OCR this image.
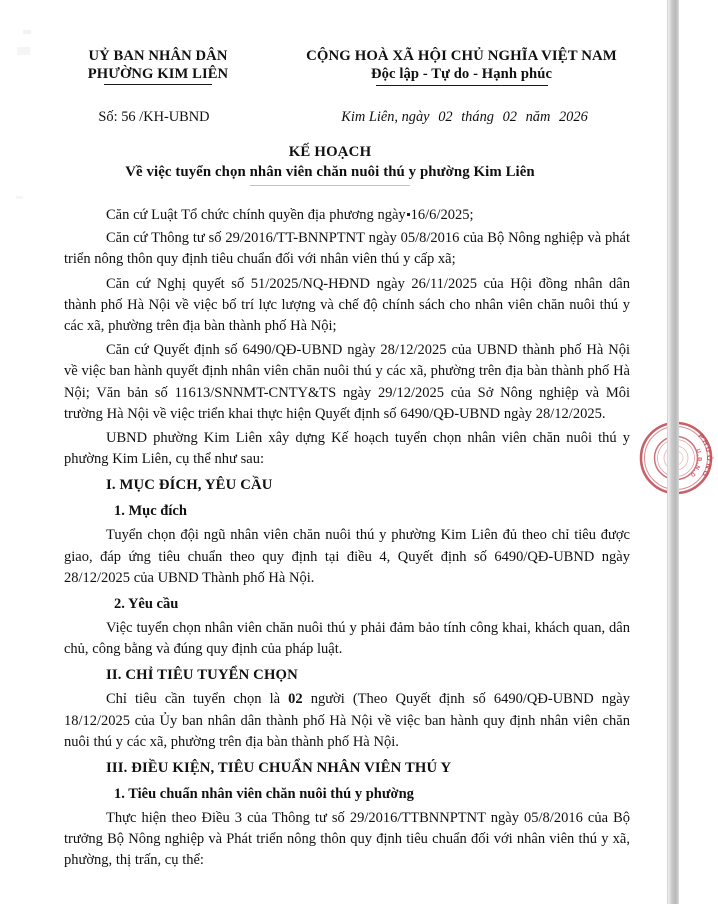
UỶ BAN NHÂN DÂN
PHƯỜNG KIM LIÊN
CỘNG HOÀ XÃ HỘI CHỦ NGHĨA VIỆT NAM
Độc lập - Tự do - Hạnh phúc
Số: 56 /KH-UBND	Kim Liên, ngày 02 tháng 02 năm 2026
KẾ HOẠCH
Về việc tuyển chọn nhân viên chăn nuôi thú y phường Kim Liên

Căn cứ Luật Tổ chức chính quyền địa phương ngày 16/6/2025;

Căn cứ Thông tư số 29/2016/TT-BNNPTNT ngày 05/8/2016 của Bộ Nông nghiệp và phát triển nông thôn quy định tiêu chuẩn đối với nhân viên thú y cấp xã;

Căn cứ Nghị quyết số 51/2025/NQ-HĐND ngày 26/11/2025 của Hội đồng nhân dân thành phố Hà Nội về việc bố trí lực lượng và chế độ chính sách cho nhân viên chăn nuôi thú y các xã, phường trên địa bàn thành phố Hà Nội;

Căn cứ Quyết định số 6490/QĐ-UBND ngày 28/12/2025 của UBND thành phố Hà Nội về việc ban hành quyết định nhân viên chăn nuôi thú y các xã, phường trên địa bàn thành phố Hà Nội; Văn bản số 11613/SNNMT-CNTY&TS ngày 29/12/2025 của Sở Nông nghiệp và Môi trường Hà Nội về việc triển khai thực hiện Quyết định số 6490/QĐ-UBND ngày 28/12/2025.

UBND phường Kim Liên xây dựng Kế hoạch tuyển chọn nhân viên chăn nuôi thú y phường Kim Liên, cụ thể như sau:

I. MỤC ĐÍCH, YÊU CẦU

1. Mục đích

Tuyển chọn đội ngũ nhân viên chăn nuôi thú y phường Kim Liên đủ theo chỉ tiêu được giao, đáp ứng tiêu chuẩn theo quy định tại điều 4, Quyết định số 6490/QĐ-UBND ngày 28/12/2025 của UBND Thành phố Hà Nội.

2. Yêu cầu

Việc tuyển chọn nhân viên chăn nuôi thú y phải đảm bảo tính công khai, khách quan, dân chủ, công bằng và đúng quy định của pháp luật.

II. CHỈ TIÊU TUYỂN CHỌN

Chỉ tiêu cần tuyển chọn là 02 người (Theo Quyết định số 6490/QĐ-UBND ngày 18/12/2025 của Ủy ban nhân dân thành phố Hà Nội về việc ban hành quy định nhân viên chăn nuôi thú y các xã, phường trên địa bàn thành phố Hà Nội.

III. ĐIỀU KIỆN, TIÊU CHUẨN NHÂN VIÊN THÚ Y

1. Tiêu chuẩn nhân viên chăn nuôi thú y phường

Thực hiện theo Điều 3 của Thông tư số 29/2016/TTBNNPTNT ngày 05/8/2016 của Bộ trưởng Bộ Nông nghiệp và Phát triển nông thôn quy định tiêu chuẩn đối với nhân viên thú y xã, phường, thị trấn, cụ thể:

PHƯỜNG
U.B.N.D
